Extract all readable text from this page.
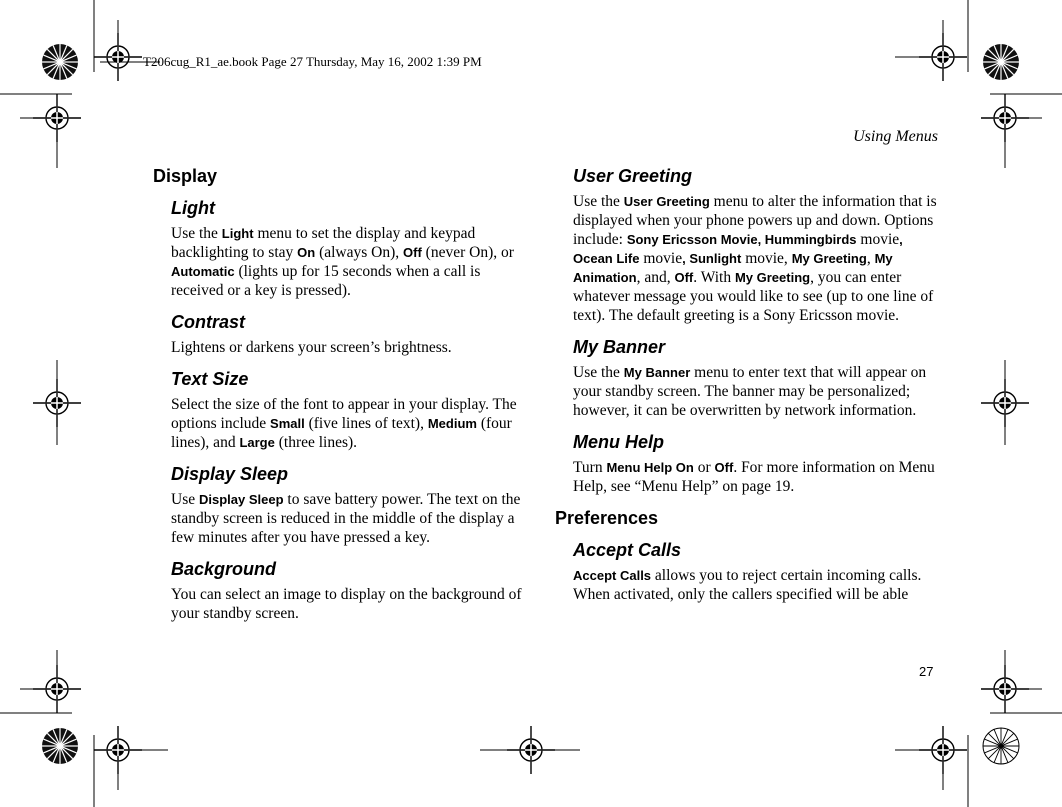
T206cug_R1_ae.book Page 27 Thursday, May 16, 2002 1:39 PM
Using Menus
27
Display
Light
Use the Light menu to set the display and keypad backlighting to stay On (always On), Off (never On), or Automatic (lights up for 15 seconds when a call is received or a key is pressed).
Contrast
Lightens or darkens your screen’s brightness.
Text Size
Select the size of the font to appear in your display. The options include Small (five lines of text), Medium (four lines), and Large (three lines).
Display Sleep
Use Display Sleep to save battery power. The text on the standby screen is reduced in the middle of the display a few minutes after you have pressed a key.
Background
You can select an image to display on the background of your standby screen.
User Greeting
Use the User Greeting menu to alter the information that is displayed when your phone powers up and down. Options include: Sony Ericsson Movie, Hummingbirds movie, Ocean Life movie, Sunlight movie, My Greeting, My Animation, and, Off. With My Greeting, you can enter whatever message you would like to see (up to one line of text). The default greeting is a Sony Ericsson movie.
My Banner
Use the My Banner menu to enter text that will appear on your standby screen. The banner may be personalized; however, it can be overwritten by network information.
Menu Help
Turn Menu Help On or Off. For more information on Menu Help, see “Menu Help” on page 19.
Preferences
Accept Calls
Accept Calls allows you to reject certain incoming calls. When activated, only the callers specified will be able
